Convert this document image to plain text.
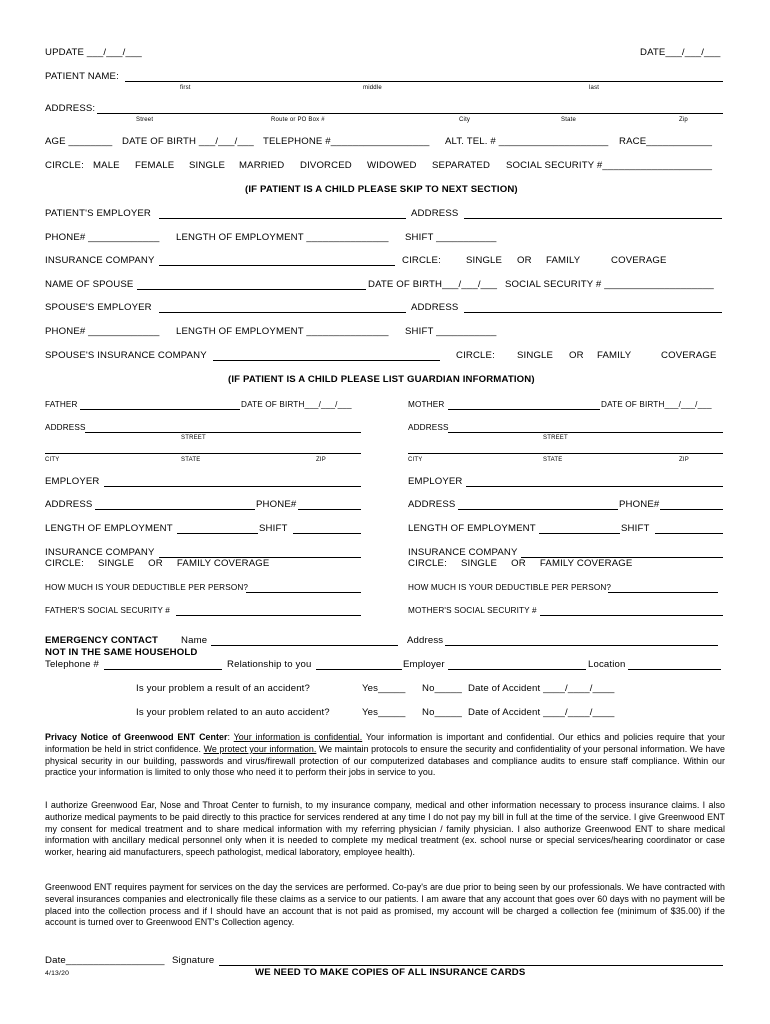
UPDATE ___/___/___	DATE___/___/___
PATIENT NAME:
first	middle	last
ADDRESS:
Street	Route or PO Box #	City	State	Zip
AGE ________ DATE OF BIRTH ___/___/___ TELEPHONE #__________________ ALT. TEL. # ____________________ RACE____________
CIRCLE: MALE FEMALE SINGLE MARRIED DIVORCED WIDOWED SEPARATED SOCIAL SECURITY #____________________
(IF PATIENT IS A CHILD PLEASE SKIP TO NEXT SECTION)
PATIENT'S EMPLOYER	ADDRESS
PHONE# _____________ LENGTH OF EMPLOYMENT _______________ SHIFT ___________
INSURANCE COMPANY	CIRCLE:	SINGLE OR FAMILY	COVERAGE
NAME OF SPOUSE	DATE OF BIRTH___/___/___ SOCIAL SECURITY # ____________________
SPOUSE'S EMPLOYER	ADDRESS
PHONE# _____________ LENGTH OF EMPLOYMENT _______________ SHIFT ___________
SPOUSE'S INSURANCE COMPANY	CIRCLE: SINGLE OR FAMILY	COVERAGE
(IF PATIENT IS A CHILD PLEASE LIST GUARDIAN INFORMATION)
FATHER	DATE OF BIRTH___/___/___
ADDRESS
STREET
CITY	STATE	ZIP
EMPLOYER
ADDRESS	PHONE#
LENGTH OF EMPLOYMENT	SHIFT
INSURANCE COMPANY
CIRCLE:     SINGLE     OR     FAMILY COVERAGE
HOW MUCH IS YOUR DEDUCTIBLE PER PERSON?
FATHER'S SOCIAL SECURITY #
MOTHER	DATE OF BIRTH___/___/___
ADDRESS
STREET
CITY	STATE	ZIP
EMPLOYER
ADDRESS	PHONE#
LENGTH OF EMPLOYMENT	SHIFT
INSURANCE COMPANY
CIRCLE:     SINGLE     OR     FAMILY COVERAGE
HOW MUCH IS YOUR DEDUCTIBLE PER PERSON?
MOTHER'S SOCIAL SECURITY #
EMERGENCY CONTACT
NOT IN THE SAME HOUSEHOLD
Name	Address
Telephone #	Relationship to you	Employer	Location
Is your problem a result of an accident?	Yes_____ No_____ Date of Accident ____/____/____
Is your problem related to an auto accident?	Yes_____ No_____ Date of Accident ____/____/____
Privacy Notice of Greenwood ENT Center: Your information is confidential. Your information is important and confidential. Our ethics and policies require that your information be held in strict confidence. We protect your information. We maintain protocols to ensure the security and confidentiality of your personal information. We have physical security in our building, passwords and virus/firewall protection of our computerized databases and compliance audits to ensure staff compliance. Within our practice your information is limited to only those who need it to perform their jobs in service to you.
I authorize Greenwood Ear, Nose and Throat Center to furnish, to my insurance company, medical and other information necessary to process insurance claims. I also authorize medical payments to be paid directly to this practice for services rendered at any time I do not pay my bill in full at the time of the service. I give Greenwood ENT my consent for medical treatment and to share medical information with my referring physician / family physician. I also authorize Greenwood ENT to share medical information with ancillary medical personnel only when it is needed to complete my medical treatment (ex. school nurse or special services/hearing coordinator or case worker, hearing aid manufacturers, speech pathologist, medical laboratory, employee health).
Greenwood ENT requires payment for services on the day the services are performed. Co-pay's are due prior to being seen by our professionals. We have contracted with several insurances companies and electronically file these claims as a service to our patients. I am aware that any account that goes over 60 days with no payment will be placed into the collection process and if I should have an account that is not paid as promised, my account will be charged a collection fee (minimum of $35.00) if the account is turned over to Greenwood ENT's Collection agency.
Date__________________ Signature
4/13/20	WE NEED TO MAKE COPIES OF ALL INSURANCE CARDS
